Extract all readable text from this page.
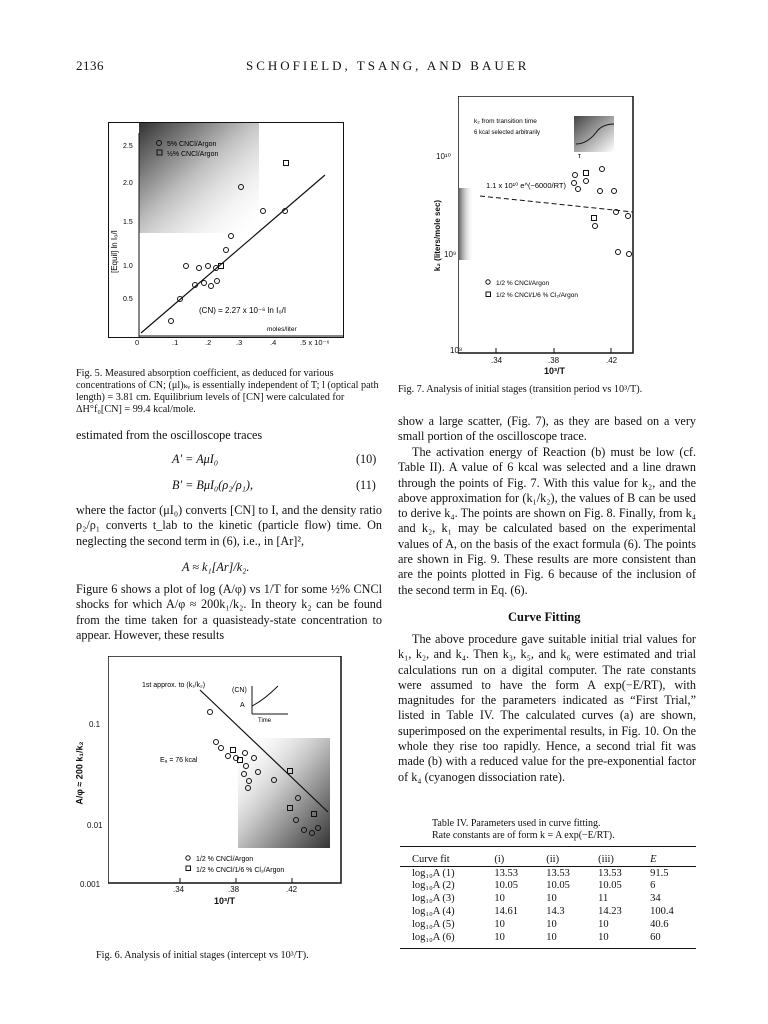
2136	SCHOFIELD, TSANG, AND BAUER
5% CNCl/Argon
½% CNCl/Argon
[Equil] ln I₀/I
(CN) = 2.27 x 10⁻⁶ ln I₀/I
moles/liter
0.5
1.0
1.5
2.0
2.5
0	.1	.2	.3	.4	.5 x 10⁻⁶
Fig. 5. Measured absorption coefficient, as deduced for various concentrations of CN; (μl)ₖᵥ is essentially independent of T; l (optical path length) = 3.81 cm. Equilibrium levels of [CN] were calculated for ΔH°f₀[CN] = 99.4 kcal/mole.
estimated from the oscilloscope traces
A′ = AμI₀	(10)
B′ = BμI₀(ρ₂/ρ₁),	(11)
where the factor (μI₀) converts [CN] to I, and the density ratio ρ₂/ρ₁ converts t_lab to the kinetic (particle flow) time. On neglecting the second term in (6), i.e., in [Ar]²,
A ≈ k₁[Ar]/k₂.
Figure 6 shows a plot of log (A/φ) vs 1/T for some ½% CNCl shocks for which A/φ ≈ 200k₁/k₂. In theory k₂ can be found from the time taken for a quasisteady-state concentration to appear. However, these results
1st approx. to (k₁/k₂)
Eₐ = 76 kcal
(CN)
A
Time
1/2 % CNCl/Argon
1/2 % CNCl/1/6 % Cl₂/Argon
0.1
0.01
0.001
A/φ ≈ 200 k₁/k₂
.34	.38	.42
10³/T
Fig. 6. Analysis of initial stages (intercept vs 10³/T).
k₂ from transition time
6 kcal selected arbitrarily
τ
1.1 x 10¹⁰ e^(−6000/RT)
1/2 % CNCl/Argon
1/2 % CNCl/1/6 % Cl₂/Argon
10¹⁰
10⁹
10⁸
k₂ (liters/mole sec)
.34	.38	.42
10³/T
Fig. 7. Analysis of initial stages (transition period vs 10³/T).
show a large scatter, (Fig. 7), as they are based on a very small portion of the oscilloscope trace.
The activation energy of Reaction (b) must be low (cf. Table II). A value of 6 kcal was selected and a line drawn through the points of Fig. 7. With this value for k₂, and the above approximation for (k₁/k₂), the values of B can be used to derive k₄. The points are shown on Fig. 8. Finally, from k₄ and k₂, k₁ may be calculated based on the experimental values of A, on the basis of the exact formula (6). The points are shown in Fig. 9. These results are more consistent than are the points plotted in Fig. 6 because of the inclusion of the second term in Eq. (6).
Curve Fitting
The above procedure gave suitable initial trial values for k₁, k₂, and k₄. Then k₃, k₅, and k₆ were estimated and trial calculations run on a digital computer. The rate constants were assumed to have the form A exp(−E/RT), with magnitudes for the parameters indicated as “First Trial,” listed in Table IV. The calculated curves (a) are shown, superimposed on the experimental results, in Fig. 10. On the whole they rise too rapidly. Hence, a second trial fit was made (b) with a reduced value for the pre-exponential factor of k₄ (cyanogen dissociation rate).
Table IV. Parameters used in curve fitting.
Rate constants are of form k = A exp(−E/RT).
Curve fit	(i)	(ii)	(iii)	E
log₁₀A (1)	13.53	13.53	13.53	91.5
log₁₀A (2)	10.05	10.05	10.05	6
log₁₀A (3)	10	10	11	34
log₁₀A (4)	14.61	14.3	14.23	100.4
log₁₀A (5)	10	10	10	40.6
log₁₀A (6)	10	10	10	60
